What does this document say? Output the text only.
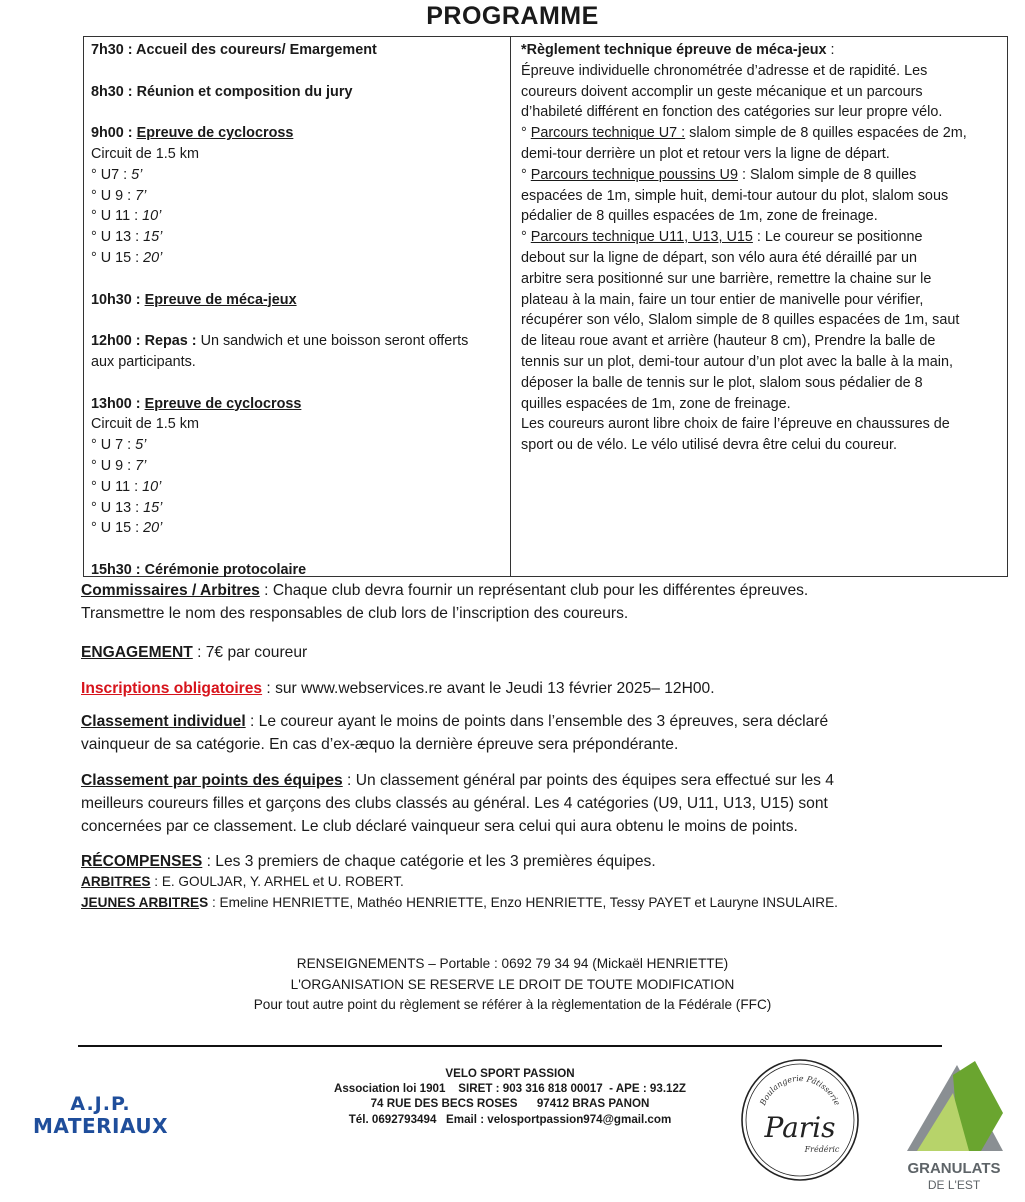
PROGRAMME
7h30 : Accueil des coureurs/ Emargement
8h30 : Réunion et composition du jury
9h00 : Epreuve de cyclocross
Circuit de 1.5 km
° U7 : 5’
° U 9 : 7’
° U 11 : 10’
° U 13 : 15’
° U 15 : 20’
10h30 : Epreuve de méca-jeux
12h00 : Repas : Un sandwich et une boisson seront offerts
aux participants.
13h00 : Epreuve de cyclocross
Circuit de 1.5 km
° U 7 : 5’
° U 9 : 7’
° U 11 : 10’
° U 13 : 15’
° U 15 : 20’
15h30 : Cérémonie protocolaire
*Règlement technique épreuve de méca-jeux :
Épreuve individuelle chronométrée d’adresse et de rapidité. Les
coureurs doivent accomplir un geste mécanique et un parcours
d’habileté différent en fonction des catégories sur leur propre vélo.
° Parcours technique U7 : slalom simple de 8 quilles espacées de 2m,
demi-tour derrière un plot et retour vers la ligne de départ.
° Parcours technique poussins U9 : Slalom simple de 8 quilles
espacées de 1m, simple huit, demi-tour autour du plot, slalom sous
pédalier de 8 quilles espacées de 1m, zone de freinage.
° Parcours technique U11, U13, U15 : Le coureur se positionne
debout sur la ligne de départ, son vélo aura été déraillé par un
arbitre sera positionné sur une barrière, remettre la chaine sur le
plateau à la main, faire un tour entier de manivelle pour vérifier,
récupérer son vélo, Slalom simple de 8 quilles espacées de 1m, saut
de liteau roue avant et arrière (hauteur 8 cm), Prendre la balle de
tennis sur un plot, demi-tour autour d’un plot avec la balle à la main,
déposer la balle de tennis sur le plot, slalom sous pédalier de 8
quilles espacées de 1m, zone de freinage.
Les coureurs auront libre choix de faire l’épreuve en chaussures de
sport ou de vélo. Le vélo utilisé devra être celui du coureur.
Commissaires / Arbitres : Chaque club devra fournir un représentant club pour les différentes épreuves.
Transmettre le nom des responsables de club lors de l’inscription des coureurs.
ENGAGEMENT : 7€ par coureur
Inscriptions obligatoires : sur www.webservices.re avant le Jeudi 13 février 2025– 12H00.
Classement individuel : Le coureur ayant le moins de points dans l’ensemble des 3 épreuves, sera déclaré
vainqueur de sa catégorie. En cas d’ex-æquo la dernière épreuve sera prépondérante.
Classement par points des équipes : Un classement général par points des équipes sera effectué sur les 4
meilleurs coureurs filles et garçons des clubs classés au général. Les 4 catégories (U9, U11, U13, U15) sont
concernées par ce classement. Le club déclaré vainqueur sera celui qui aura obtenu le moins de points.
RÉCOMPENSES : Les 3 premiers de chaque catégorie et les 3 premières équipes.
ARBITRES : E. GOULJAR, Y. ARHEL et U. ROBERT.
JEUNES ARBITRES : Emeline HENRIETTE, Mathéo HENRIETTE, Enzo HENRIETTE, Tessy PAYET et Lauryne INSULAIRE.
RENSEIGNEMENTS – Portable : 0692 79 34 94 (Mickaël HENRIETTE)
L'ORGANISATION SE RESERVE LE DROIT DE TOUTE MODIFICATION
Pour tout autre point du règlement se référer à la règlementation de la Fédérale (FFC)
VELO SPORT PASSION
Association loi 1901    SIRET : 903 316 818 00017  - APE : 93.12Z
74 RUE DES BECS ROSES      97412 BRAS PANON
Tél. 0692793494   Email : velosportpassion974@gmail.com
A.J.P.
MATERIAUX
Boulangerie Pâtisserie
Paris
Frédéric
GRANULATS
DE L'EST
